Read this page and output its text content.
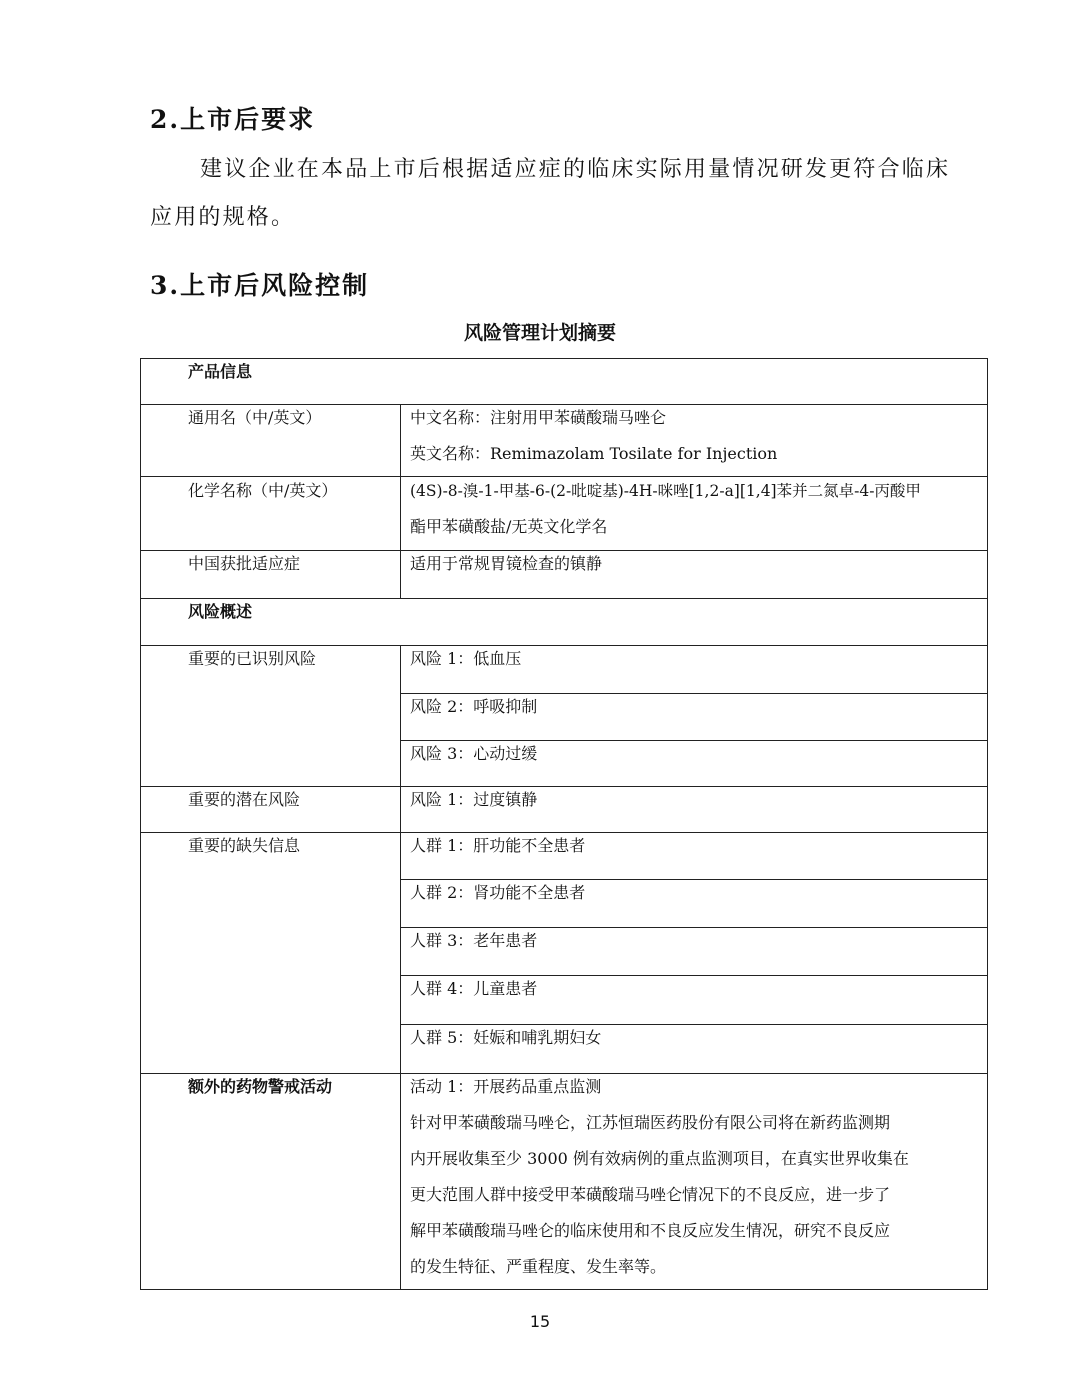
2.上市后要求
建议企业在本品上市后根据适应症的临床实际用量情况研发更符合临床
应用的规格。
3.上市后风险控制
风险管理计划摘要
产品信息
通用名（中/英文）	中文名称：注射用甲苯磺酸瑞马唑仑
英文名称：Remimazolam Tosilate for Injection
化学名称（中/英文）	(4S)-8-溴-1-甲基-6-(2-吡啶基)-4H-咪唑[1,2-a][1,4]苯并二氮卓-4-丙酸甲
酯甲苯磺酸盐/无英文化学名
中国获批适应症	适用于常规胃镜检查的镇静
风险概述
重要的已识别风险	风险 1：低血压
风险 2：呼吸抑制
风险 3：心动过缓
重要的潜在风险	风险 1：过度镇静
重要的缺失信息	人群 1：肝功能不全患者
人群 2：肾功能不全患者
人群 3：老年患者
人群 4：儿童患者
人群 5：妊娠和哺乳期妇女
额外的药物警戒活动	活动 1：开展药品重点监测
针对甲苯磺酸瑞马唑仑，江苏恒瑞医药股份有限公司将在新药监测期
内开展收集至少 3000 例有效病例的重点监测项目，在真实世界收集在
更大范围人群中接受甲苯磺酸瑞马唑仑情况下的不良反应，进一步了
解甲苯磺酸瑞马唑仑的临床使用和不良反应发生情况，研究不良反应
的发生特征、严重程度、发生率等。
15
